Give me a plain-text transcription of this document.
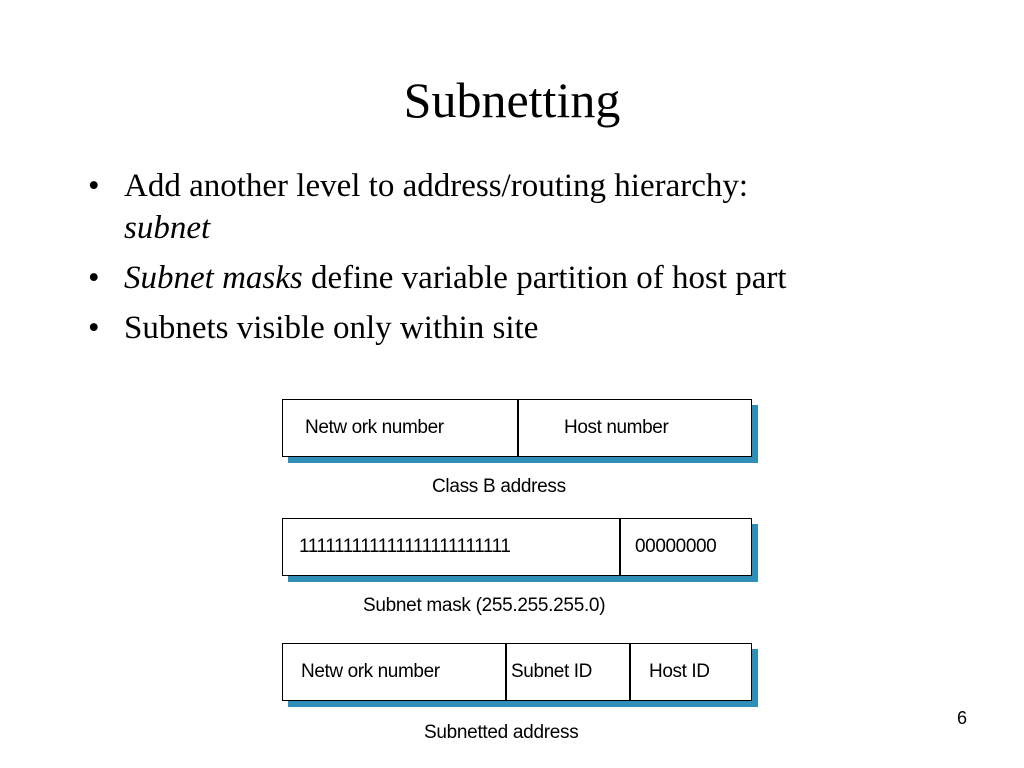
Subnetting
• Add another level to address/routing hierarchy:
subnet
• Subnet masks define variable partition of host part
• Subnets visible only within site
Netw ork number	Host number
Class B address
111111111111111111111111	00000000
Subnet mask (255.255.255.0)
Netw ork number	Subnet ID	Host ID
Subnetted address
6
